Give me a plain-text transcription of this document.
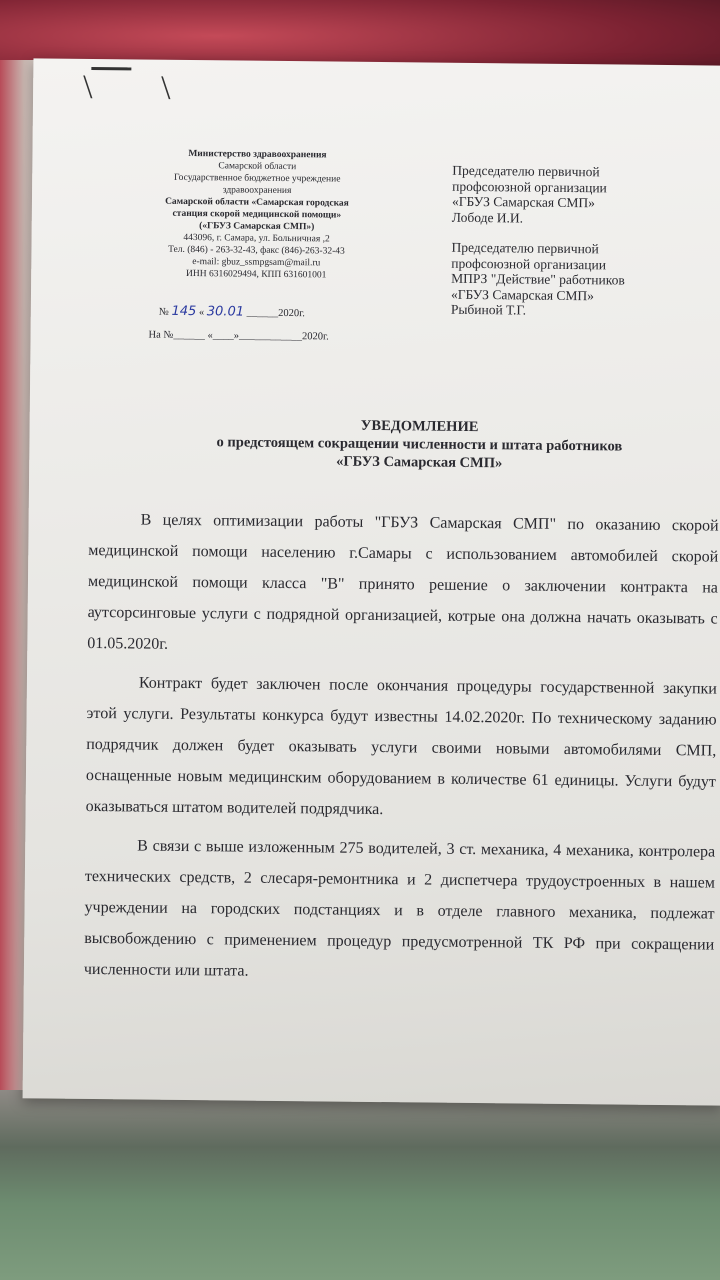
\ \
Министерство здравоохранения
Самарской области
Государственное бюджетное учреждение
здравоохранения
Самарской области «Самарская городская
станция скорой медицинской помощи»
(«ГБУЗ Самарская СМП»)
443096, г. Самара, ул. Больничная ,2
Тел. (846) - 263-32-43, факс (846)-263-32-43
e-mail: gbuz_ssmpgsam@mail.ru
ИНН 6316029494, КПП 631601001
№ 145 « 30.01 ______2020г.
На №______ «____»____________2020г.

Председателю первичной
профсоюзной организации
«ГБУЗ Самарская СМП»
Лободе И.И.

Председателю первичной
профсоюзной организации
МПРЗ "Действие" работников
«ГБУЗ Самарская СМП»
Рыбиной Т.Г.

УВЕДОМЛЕНИЕ
о предстоящем сокращении численности и штата работников
«ГБУЗ Самарская СМП»

В целях оптимизации работы "ГБУЗ Самарская СМП" по оказанию скорой медицинской помощи населению г.Самары с использованием автомобилей скорой медицинской помощи класса "В" принято решение о заключении контракта на аутсорсинговые услуги с подрядной организацией, котрые она должна начать оказывать с 01.05.2020г.

Контракт будет заключен после окончания процедуры государственной закупки этой услуги. Результаты конкурса будут известны 14.02.2020г. По техническому заданию подрядчик должен будет оказывать услуги своими новыми автомобилями СМП, оснащенные новым медицинским оборудованием в количестве 61 единицы. Услуги будут оказываться штатом водителей подрядчика.

В связи с выше изложенным 275 водителей, 3 ст. механика, 4 механика, контролера технических средств, 2 слесаря-ремонтника и 2 диспетчера трудоустроенных в нашем учреждении на городских подстанциях и в отделе главного механика, подлежат высвобождению с применением процедур предусмотренной ТК РФ при сокращении численности или штата.
